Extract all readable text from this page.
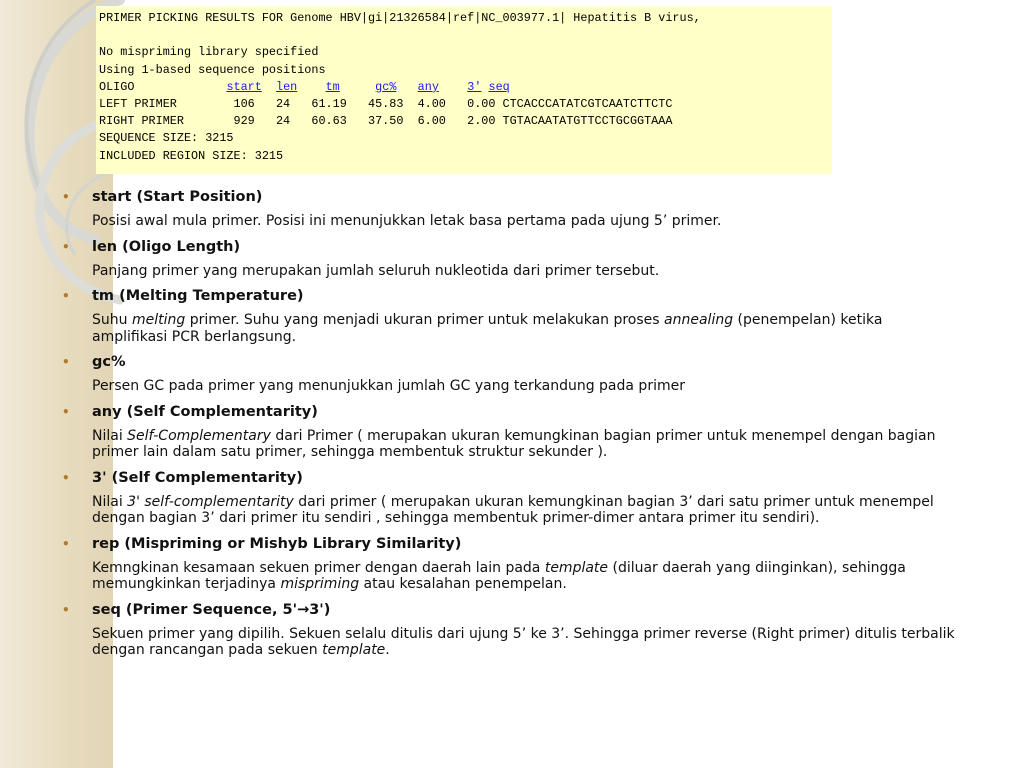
PRIMER PICKING RESULTS FOR Genome HBV|gi|21326584|ref|NC_003977.1| Hepatitis B virus,

No mispriming library specified
Using 1-based sequence positions
OLIGO	start len tm	gc% any 3' seq
LEFT PRIMER        106   24   61.19   45.83  4.00   0.00 CTCACCCATATCGTCAATCTTCTC
RIGHT PRIMER       929   24   60.63   37.50  6.00   2.00 TGTACAATATGTTCCTGCGGTAAA
SEQUENCE SIZE: 3215
INCLUDED REGION SIZE: 3215
• start (Start Position)

Posisi awal mula primer. Posisi ini menunjukkan letak basa pertama pada ujung 5’ primer.

• len (Oligo Length)

Panjang primer yang merupakan jumlah seluruh nukleotida dari primer tersebut.

• tm (Melting Temperature)

Suhu melting primer. Suhu yang menjadi ukuran primer untuk melakukan proses annealing (penempelan) ketika amplifikasi PCR berlangsung.

• gc%

Persen GC pada primer yang menunjukkan jumlah GC yang terkandung pada primer

• any (Self Complementarity)

Nilai Self-Complementary dari Primer ( merupakan ukuran kemungkinan bagian primer untuk menempel dengan bagian primer lain dalam satu primer, sehingga membentuk struktur sekunder ).

• 3' (Self Complementarity)

Nilai 3' self-complementarity dari primer ( merupakan ukuran kemungkinan bagian 3’ dari satu primer untuk menempel dengan bagian 3’ dari primer itu sendiri , sehingga membentuk primer-dimer antara primer itu sendiri).

• rep (Mispriming or Mishyb Library Similarity)

Kemngkinan kesamaan sekuen primer dengan daerah lain pada template (diluar daerah yang diinginkan), sehingga memungkinkan terjadinya mispriming atau kesalahan penempelan.

• seq (Primer Sequence, 5'→3')

Sekuen primer yang dipilih. Sekuen selalu ditulis dari ujung 5’ ke 3’. Sehingga primer reverse (Right primer) ditulis terbalik dengan rancangan pada sekuen template.
